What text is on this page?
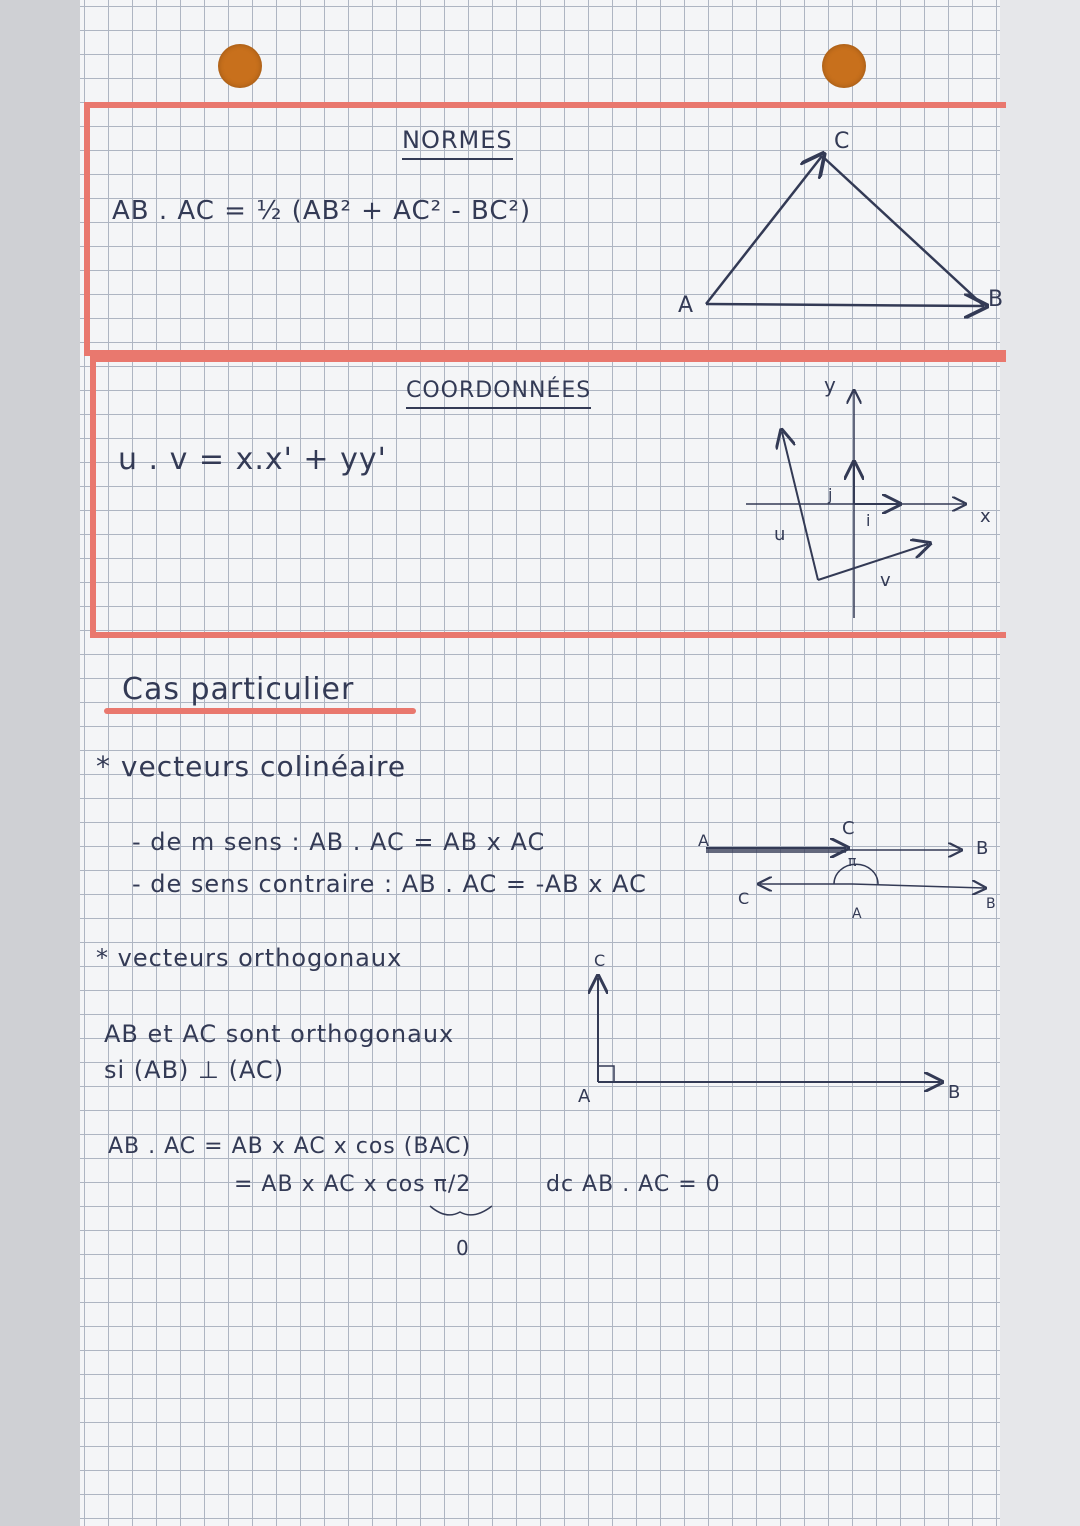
NORMES
AB . AC = ½ (AB² + AC² - BC²)
COORDONNÉES
u . v = x.x' + yy'
Cas particulier
* vecteurs colinéaire
- de m sens : AB . AC = AB x AC
- de sens contraire : AB . AC = -AB x AC
* vecteurs orthogonaux
AB et AC sont orthogonaux
si (AB) ⊥ (AC)
AB . AC = AB x AC x cos (BAC)
= AB x AC x cos π/2	dc AB . AC = 0
0
A	B
C
x
y
i
j
u
v
A
C
B
C
A
B
π
A	B
C
